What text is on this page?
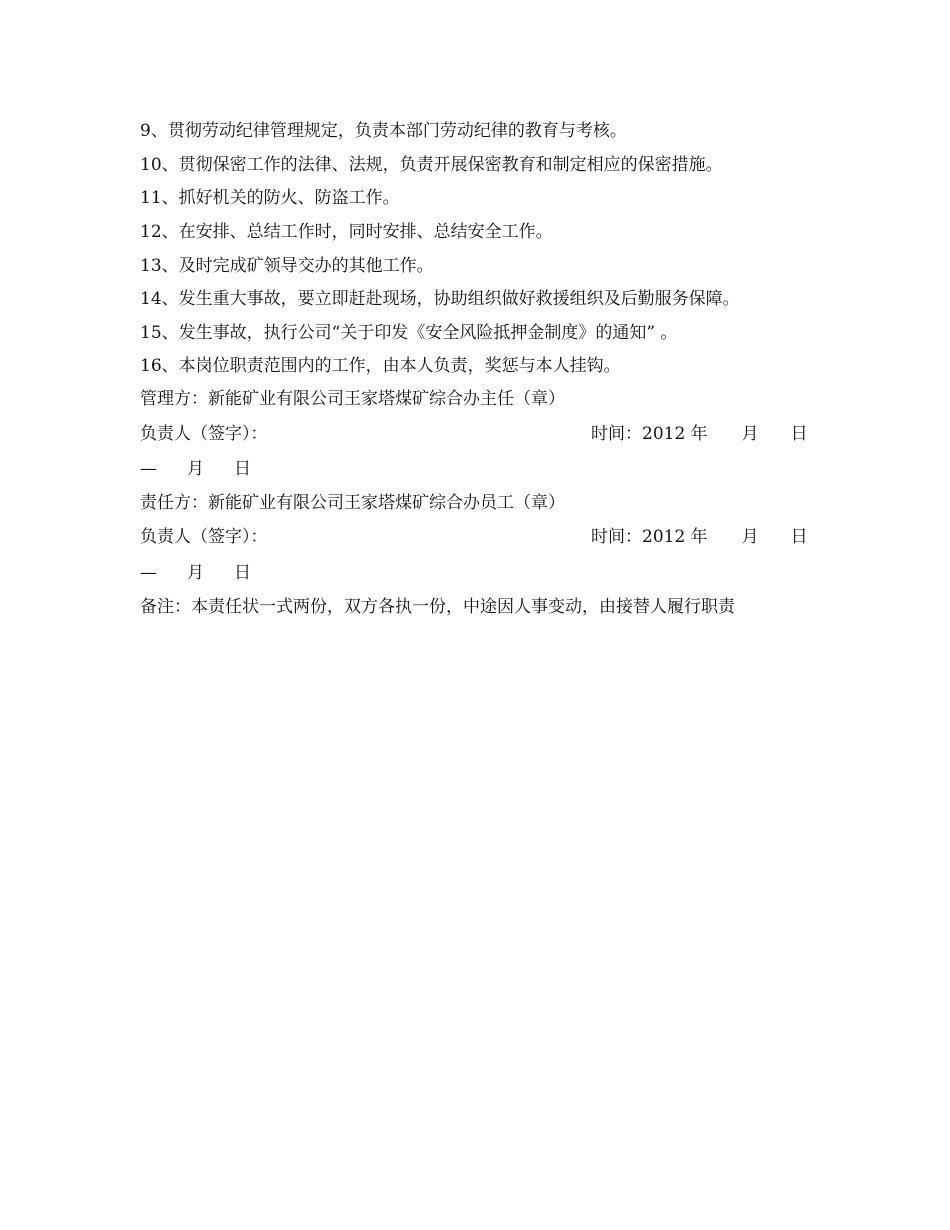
9、贯彻劳动纪律管理规定，负责本部门劳动纪律的教育与考核。
10、贯彻保密工作的法律、法规，负责开展保密教育和制定相应的保密措施。
11、抓好机关的防火、防盗工作。
12、在安排、总结工作时，同时安排、总结安全工作。
13、及时完成矿领导交办的其他工作。
14、发生重大事故，要立即赶赴现场，协助组织做好救援组织及后勤服务保障。
15、发生事故，执行公司“关于印发《安全风险抵押金制度》的通知” 。
16、本岗位职责范围内的工作，由本人负责，奖惩与本人挂钩。
管理方：新能矿业有限公司王家塔煤矿综合办主任（章）
负责人（签字）：	时间：2012 年 月 日
— 月 日
责任方：新能矿业有限公司王家塔煤矿综合办员工（章）
负责人（签字）：	时间：2012 年 月 日
— 月 日
备注：本责任状一式两份，双方各执一份，中途因人事变动，由接替人履行职责
